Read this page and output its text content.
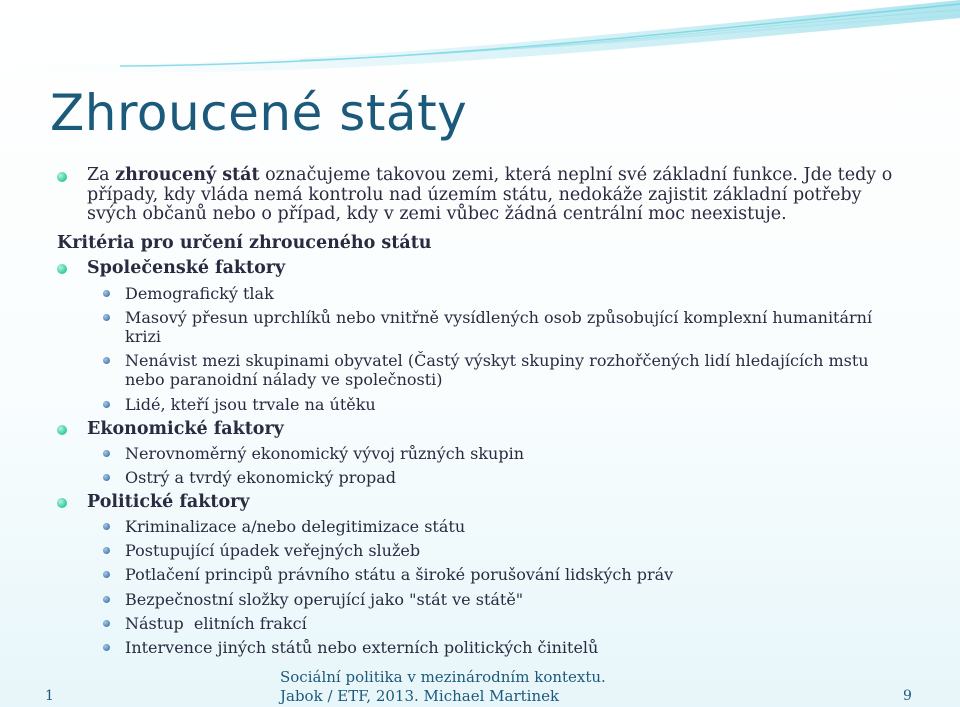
Zhroucené státy

Za zhroucený stát označujeme takovou zemi, která neplní své základní funkce. Jde tedy o případy, kdy vláda nemá kontrolu nad územím státu, nedokáže zajistit základní potřeby svých občanů nebo o případ, kdy v zemi vůbec žádná centrální moc neexistuje.

Kritéria pro určení zhrouceného státu
Společenské faktory
Demografický tlak
Masový přesun uprchlíků nebo vnitřně vysídlených osob způsobující komplexní humanitární krizi
Nenávist mezi skupinami obyvatel (Častý výskyt skupiny rozhořčených lidí hledajících mstu nebo paranoidní nálady ve společnosti)
Lidé, kteří jsou trvale na útěku
Ekonomické faktory
Nerovnoměrný ekonomický vývoj různých skupin
Ostrý a tvrdý ekonomický propad
Politické faktory
Kriminalizace a/nebo delegitimizace státu
Postupující úpadek veřejných služeb
Potlačení principů právního státu a široké porušování lidských práv
Bezpečnostní složky operující jako "stát ve státě"
Nástup  elitních frakcí
Intervence jiných států nebo externích politických činitelů
Sociální politika v mezinárodním kontextu.
Jabok / ETF, 2013. Michael Martinek
1	9
